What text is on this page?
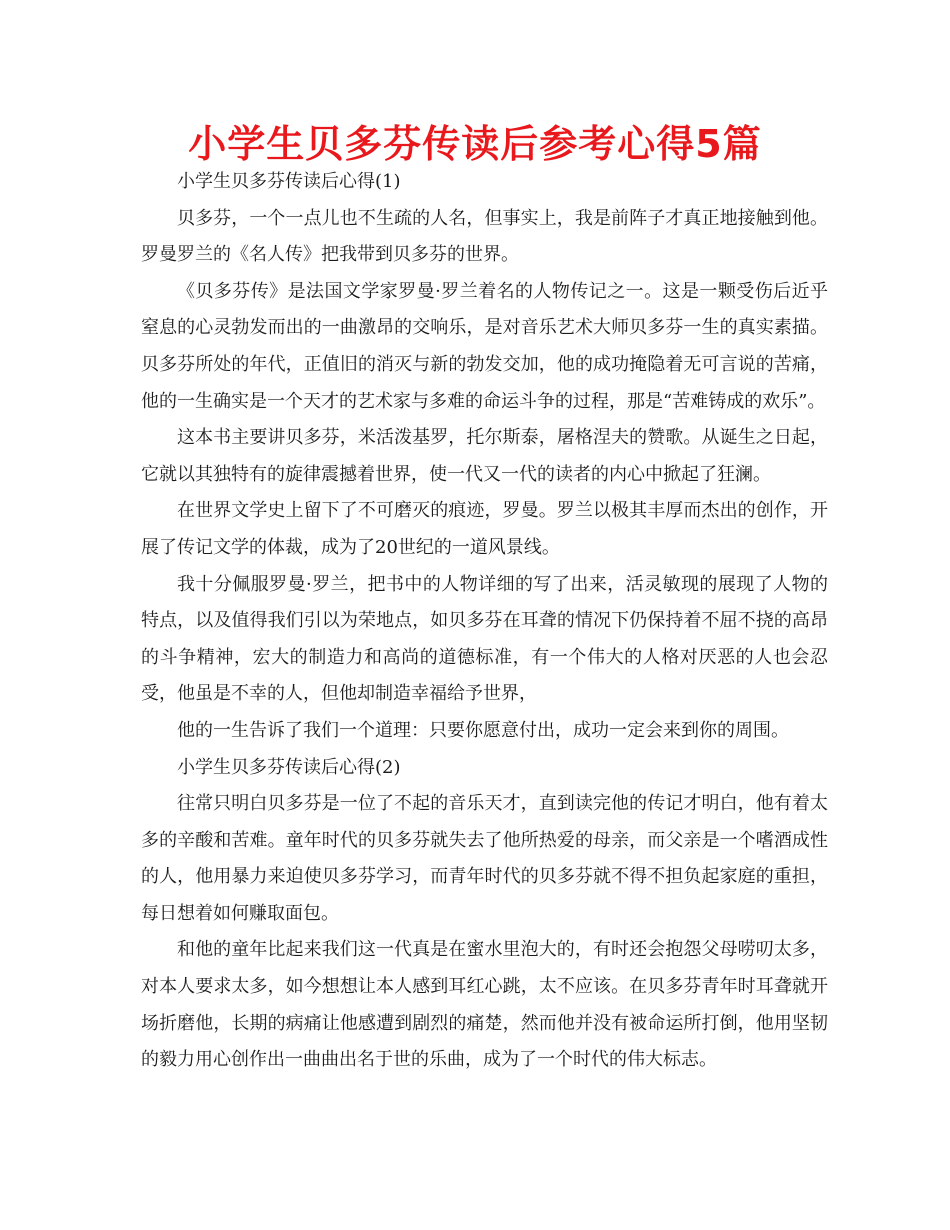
小学生贝多芬传读后参考心得5篇

小学生贝多芬传读后心得(1)

贝多芬，一个一点儿也不生疏的人名，但事实上，我是前阵子才真正地接触到他。罗曼罗兰的《名人传》把我带到贝多芬的世界。

《贝多芬传》是法国文学家罗曼·罗兰着名的人物传记之一。这是一颗受伤后近乎窒息的心灵勃发而出的一曲激昂的交响乐，是对音乐艺术大师贝多芬一生的真实素描。贝多芬所处的年代，正值旧的消灭与新的勃发交加，他的成功掩隐着无可言说的苦痛，他的一生确实是一个天才的艺术家与多难的命运斗争的过程，那是“苦难铸成的欢乐”。

这本书主要讲贝多芬，米活泼基罗，托尔斯泰，屠格涅夫的赞歌。从诞生之日起，它就以其独特有的旋律震撼着世界，使一代又一代的读者的内心中掀起了狂澜。

在世界文学史上留下了不可磨灭的痕迹，罗曼。罗兰以极其丰厚而杰出的创作，开展了传记文学的体裁，成为了20世纪的一道风景线。

我十分佩服罗曼·罗兰，把书中的人物详细的写了出来，活灵敏现的展现了人物的特点，以及值得我们引以为荣地点，如贝多芬在耳聋的情况下仍保持着不屈不挠的高昂的斗争精神，宏大的制造力和高尚的道德标准，有一个伟大的人格对厌恶的人也会忍受，他虽是不幸的人，但他却制造幸福给予世界，

他的一生告诉了我们一个道理：只要你愿意付出，成功一定会来到你的周围。

小学生贝多芬传读后心得(2)

往常只明白贝多芬是一位了不起的音乐天才，直到读完他的传记才明白，他有着太多的辛酸和苦难。童年时代的贝多芬就失去了他所热爱的母亲，而父亲是一个嗜酒成性的人，他用暴力来迫使贝多芬学习，而青年时代的贝多芬就不得不担负起家庭的重担，每日想着如何赚取面包。

和他的童年比起来我们这一代真是在蜜水里泡大的，有时还会抱怨父母唠叨太多，对本人要求太多，如今想想让本人感到耳红心跳，太不应该。在贝多芬青年时耳聋就开场折磨他，长期的病痛让他感遭到剧烈的痛楚，然而他并没有被命运所打倒，他用坚韧的毅力用心创作出一曲曲出名于世的乐曲，成为了一个时代的伟大标志。
